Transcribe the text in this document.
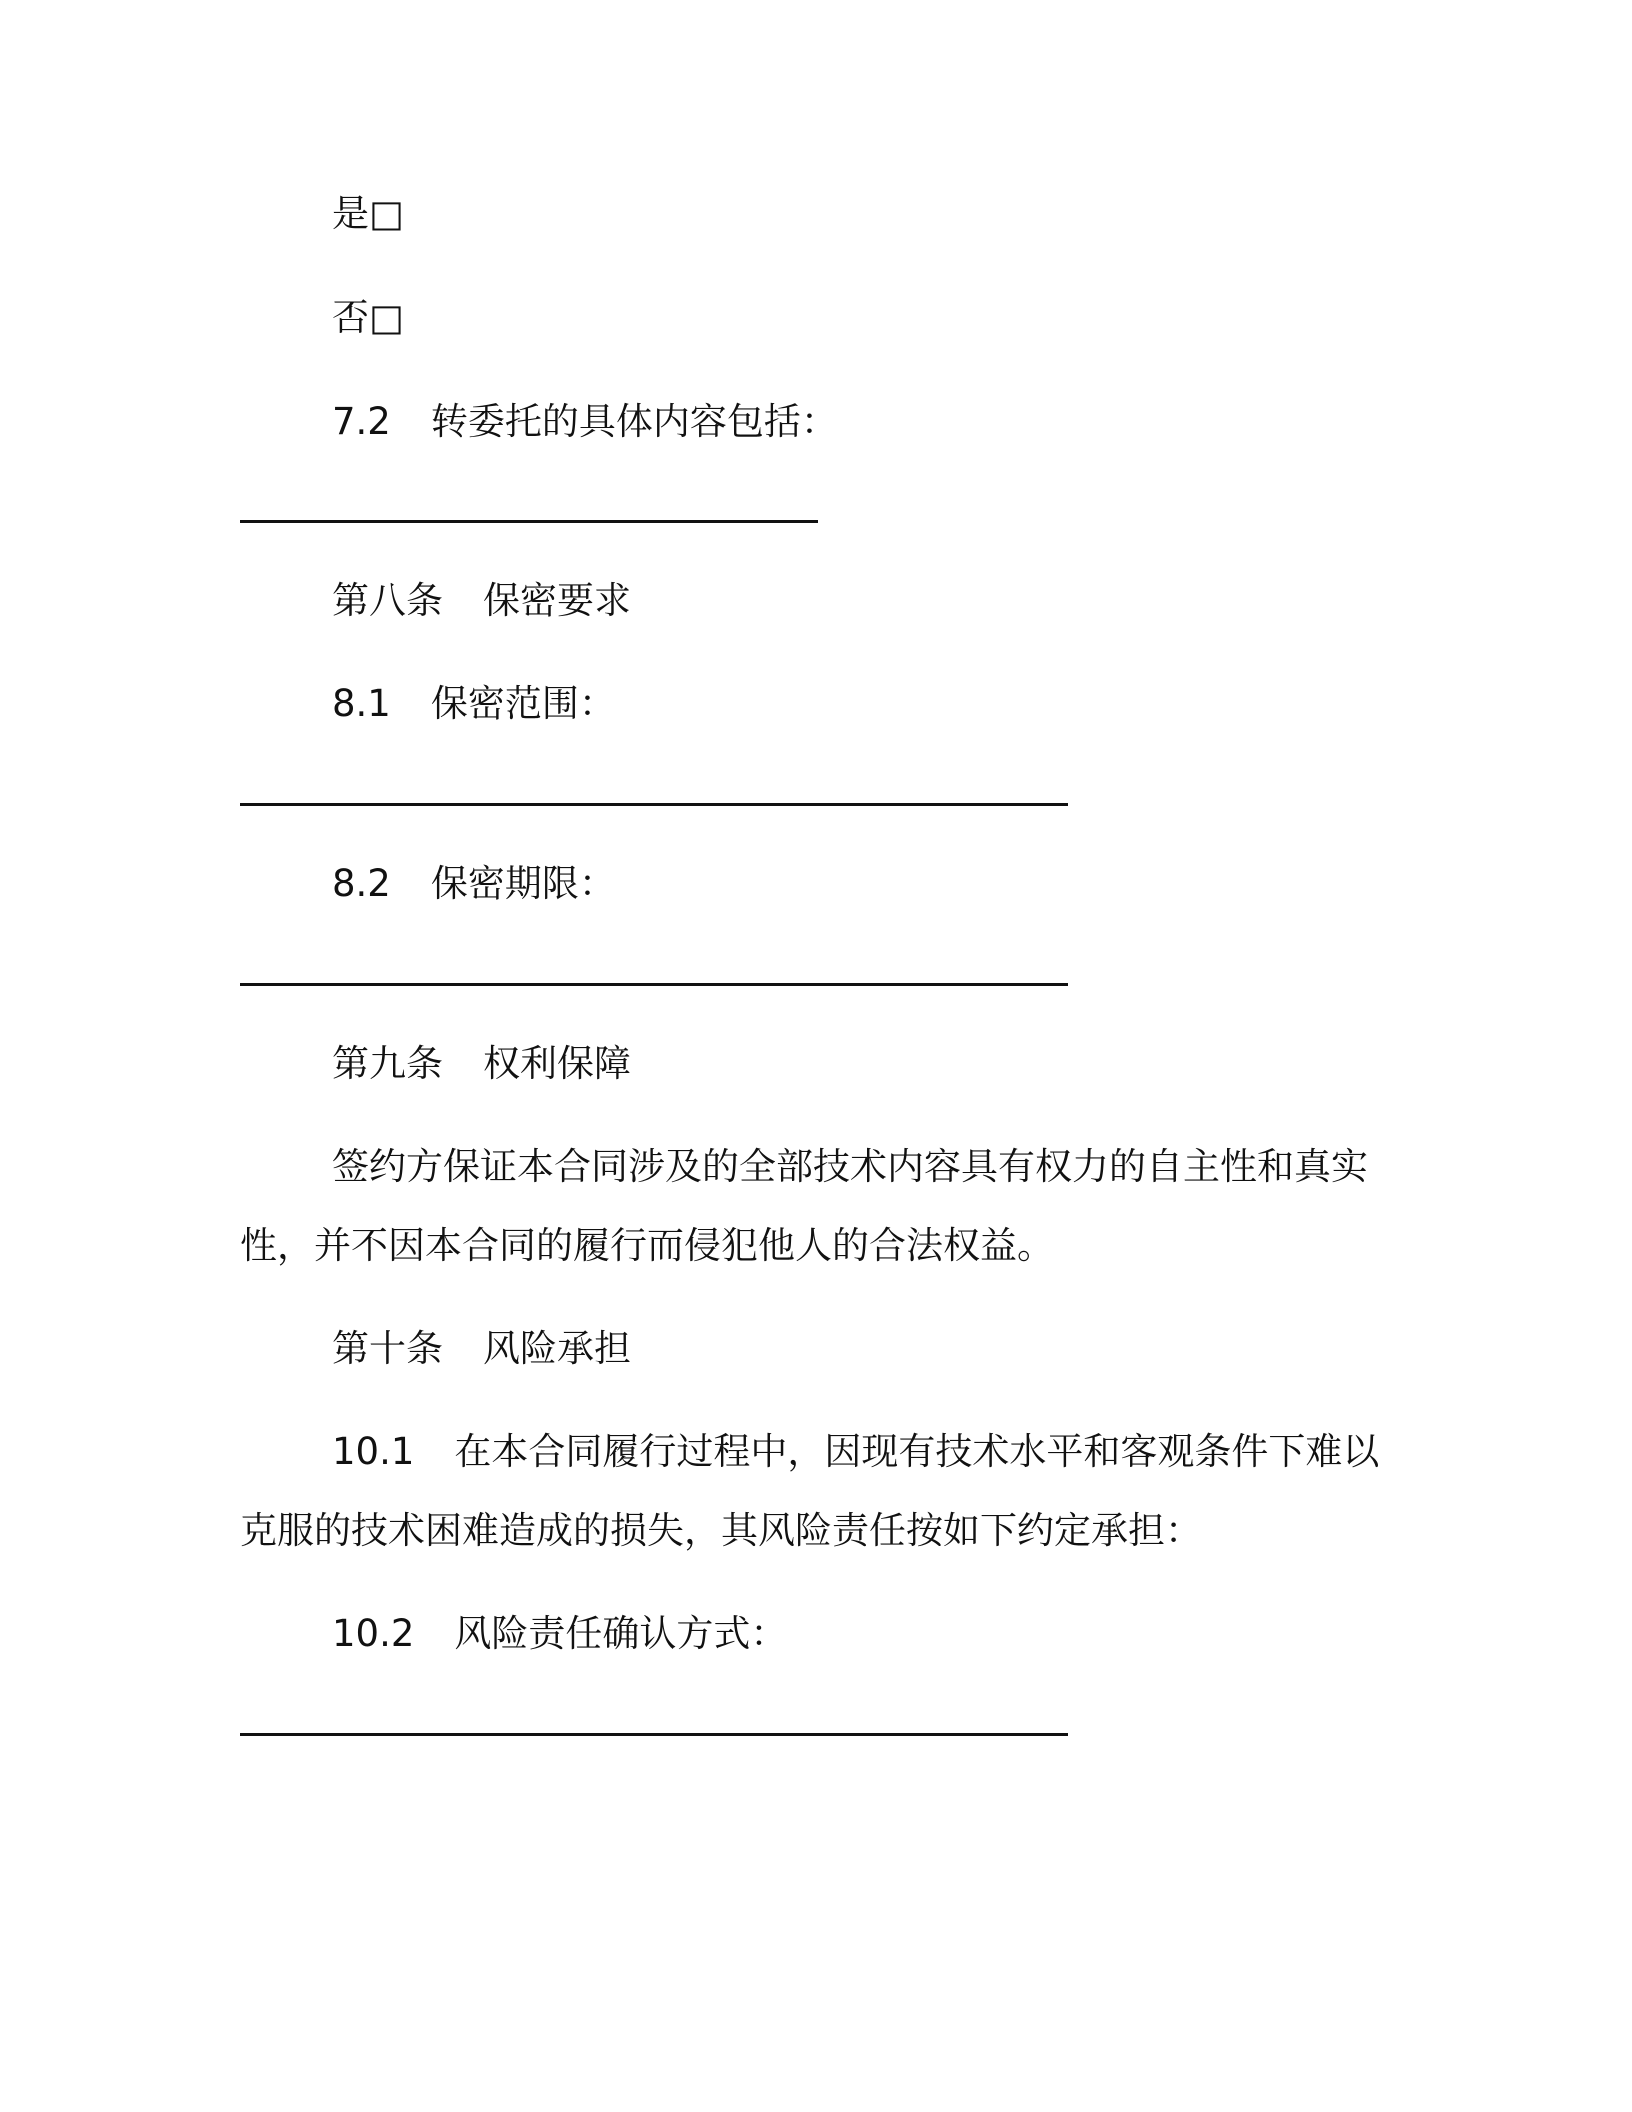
是□
否□
7.2 转委托的具体内容包括：
第八条 保密要求
8.1 保密范围：
8.2 保密期限：
第九条 权利保障
签约方保证本合同涉及的全部技术内容具有权力的自主性和真实
性，并不因本合同的履行而侵犯他人的合法权益。
第十条 风险承担
10.1 在本合同履行过程中，因现有技术水平和客观条件下难以
克服的技术困难造成的损失，其风险责任按如下约定承担：
10.2 风险责任确认方式：
